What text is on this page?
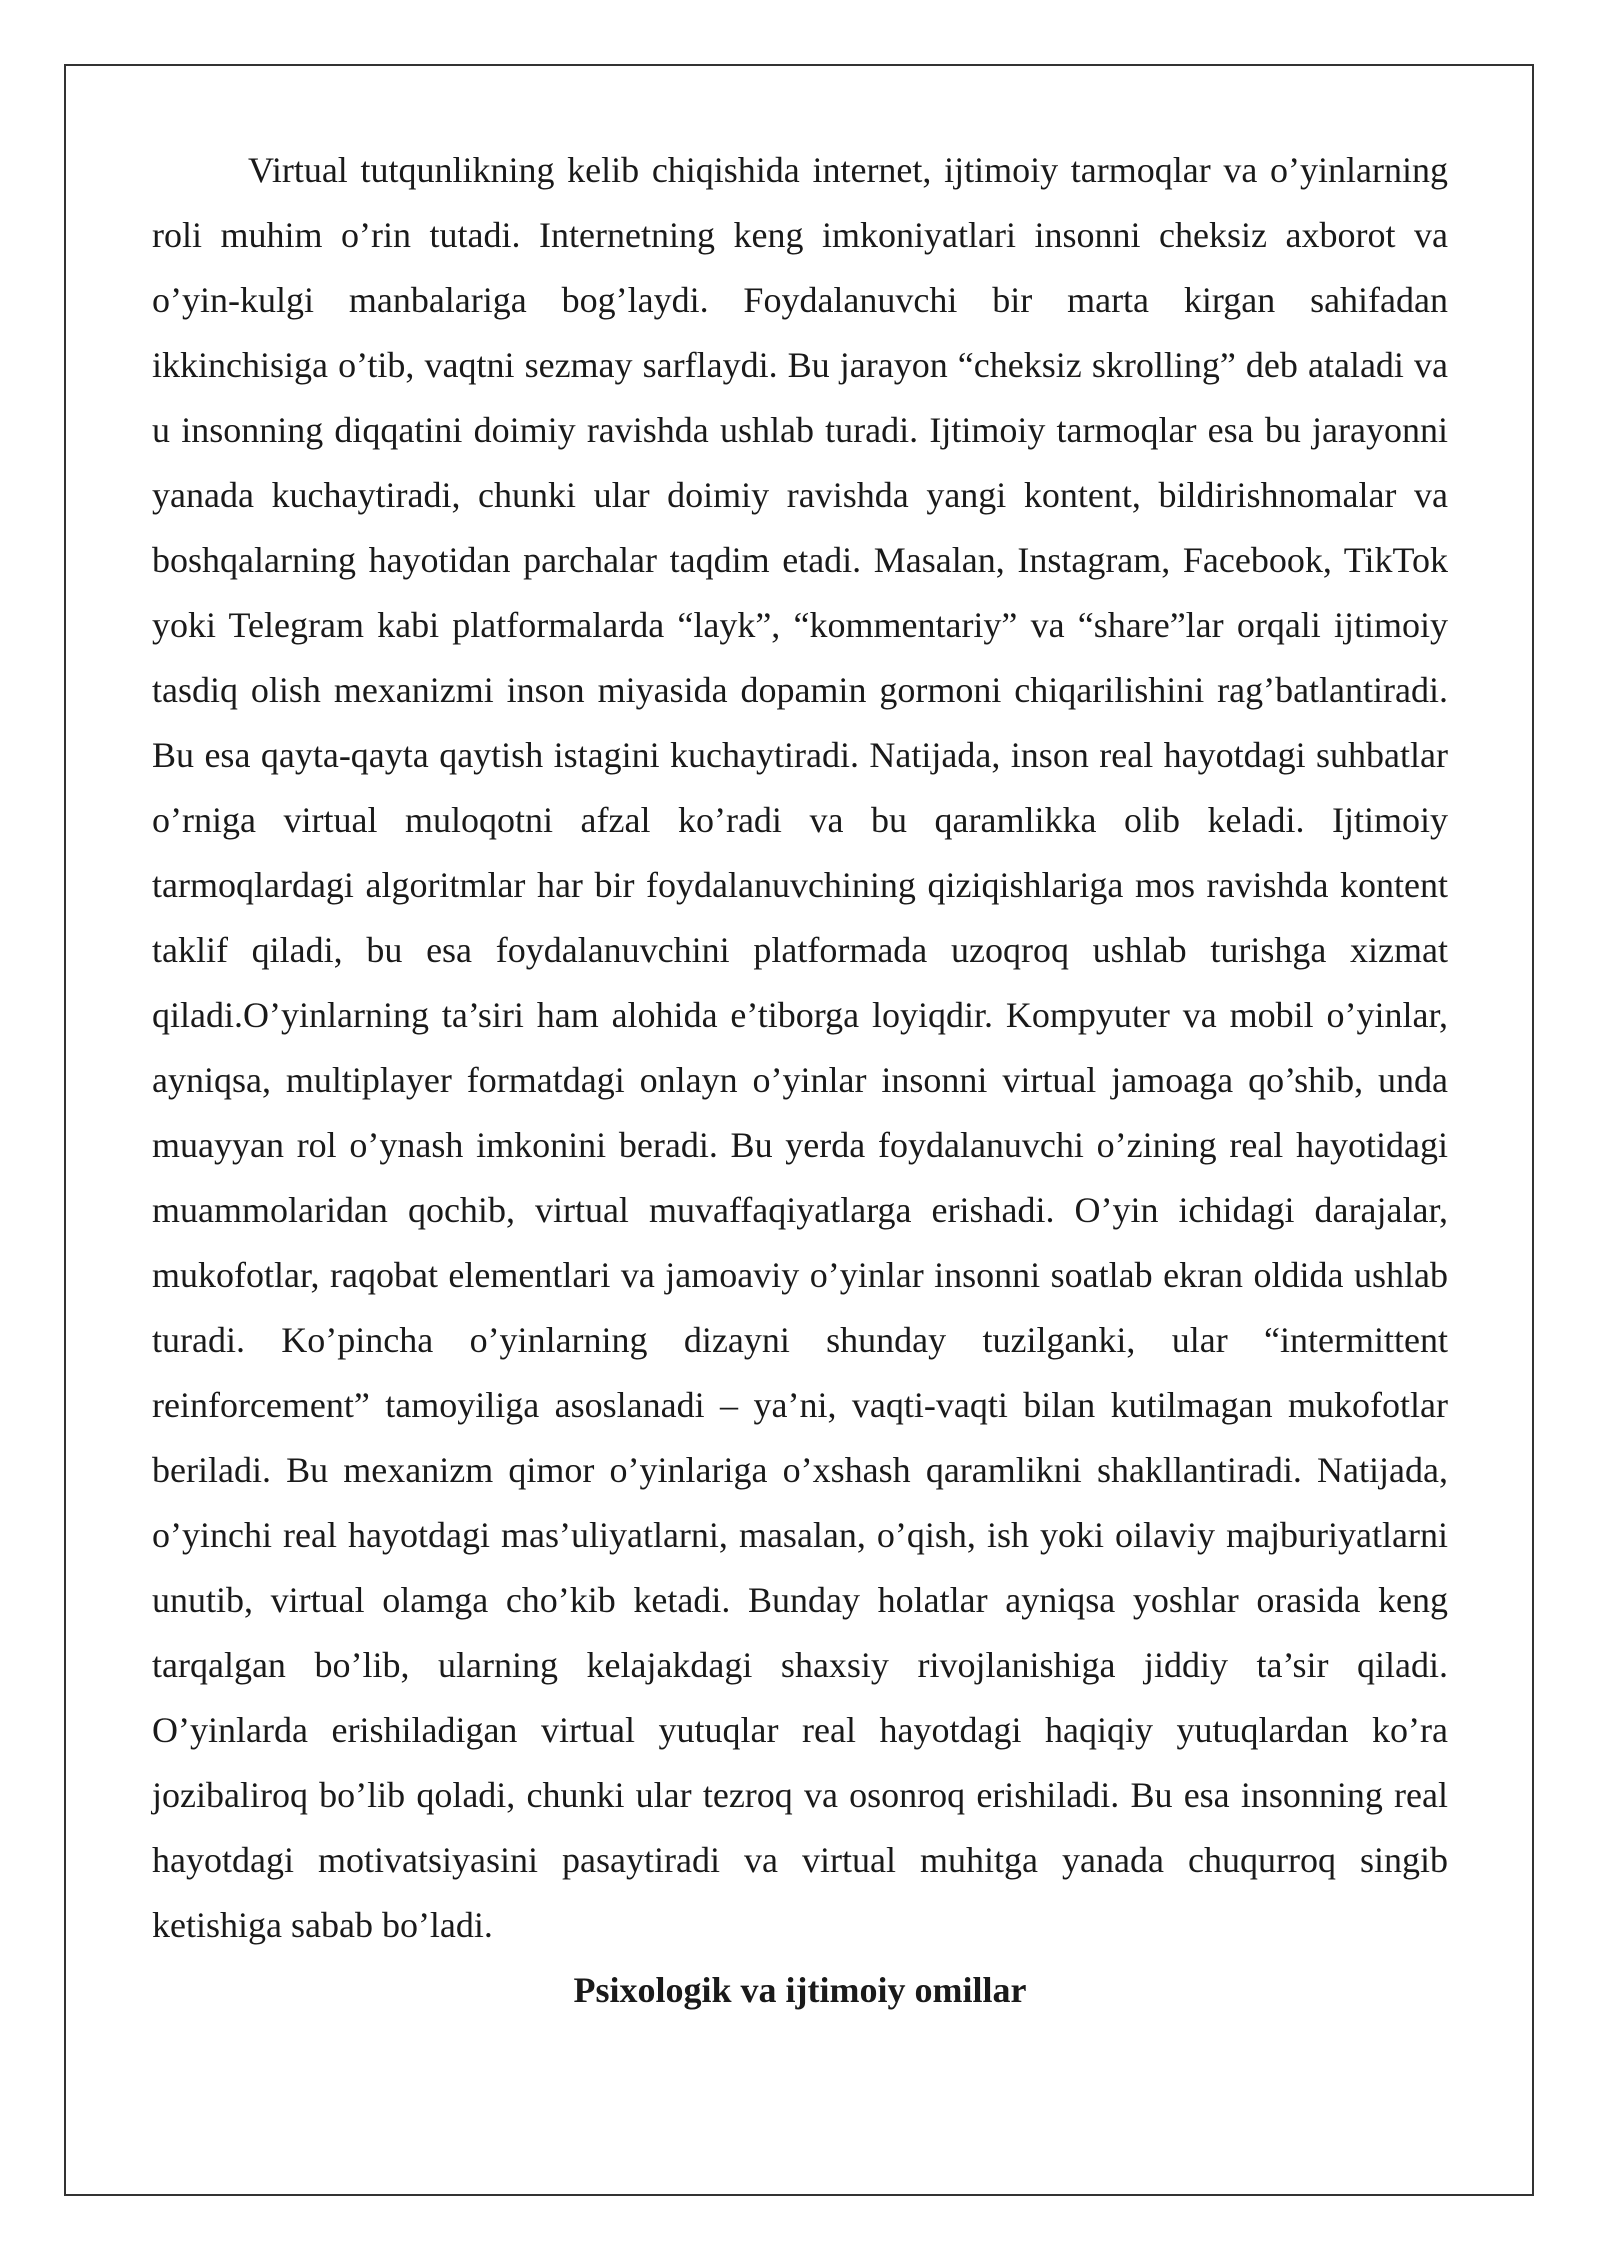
Virtual tutqunlikning kelib chiqishida internet, ijtimoiy tarmoqlar va o’yinlarning roli muhim o’rin tutadi. Internetning keng imkoniyatlari insonni cheksiz axborot va o’yin-kulgi manbalariga bog’laydi. Foydalanuvchi bir marta kirgan sahifadan ikkinchisiga o’tib, vaqtni sezmay sarflaydi. Bu jarayon “cheksiz skrolling” deb ataladi va u insonning diqqatini doimiy ravishda ushlab turadi. Ijtimoiy tarmoqlar esa bu jarayonni yanada kuchaytiradi, chunki ular doimiy ravishda yangi kontent, bildirishnomalar va boshqalarning hayotidan parchalar taqdim etadi. Masalan, Instagram, Facebook, TikTok yoki Telegram kabi platformalarda “layk”, “kommentariy” va “share”lar orqali ijtimoiy tasdiq olish mexanizmi inson miyasida dopamin gormoni chiqarilishini rag’batlantiradi. Bu esa qayta-qayta qaytish istagini kuchaytiradi. Natijada, inson real hayotdagi suhbatlar o’rniga virtual muloqotni afzal ko’radi va bu qaramlikka olib keladi. Ijtimoiy tarmoqlardagi algoritmlar har bir foydalanuvchining qiziqishlariga mos ravishda kontent taklif qiladi, bu esa foydalanuvchini platformada uzoqroq ushlab turishga xizmat qiladi.O’yinlarning ta’siri ham alohida e’tiborga loyiqdir. Kompyuter va mobil o’yinlar, ayniqsa, multiplayer formatdagi onlayn o’yinlar insonni virtual jamoaga qo’shib, unda muayyan rol o’ynash imkonini beradi. Bu yerda foydalanuvchi o’zining real hayotidagi muammolaridan qochib, virtual muvaffaqiyatlarga erishadi. O’yin ichidagi darajalar, mukofotlar, raqobat elementlari va jamoaviy o’yinlar insonni soatlab ekran oldida ushlab turadi. Ko’pincha o’yinlarning dizayni shunday tuzilganki, ular “intermittent reinforcement” tamoyiliga asoslanadi – ya’ni, vaqti-vaqti bilan kutilmagan mukofotlar beriladi. Bu mexanizm qimor o’yinlariga o’xshash qaramlikni shakllantiradi. Natijada, o’yinchi real hayotdagi mas’uliyatlarni, masalan, o’qish, ish yoki oilaviy majburiyatlarni unutib, virtual olamga cho’kib ketadi. Bunday holatlar ayniqsa yoshlar orasida keng tarqalgan bo’lib, ularning kelajakdagi shaxsiy rivojlanishiga jiddiy ta’sir qiladi. O’yinlarda erishiladigan virtual yutuqlar real hayotdagi haqiqiy yutuqlardan ko’ra jozibaliroq bo’lib qoladi, chunki ular tezroq va osonroq erishiladi. Bu esa insonning real hayotdagi motivatsiyasini pasaytiradi va virtual muhitga yanada chuqurroq singib ketishiga sabab bo’ladi.

Psixologik va ijtimoiy omillar
